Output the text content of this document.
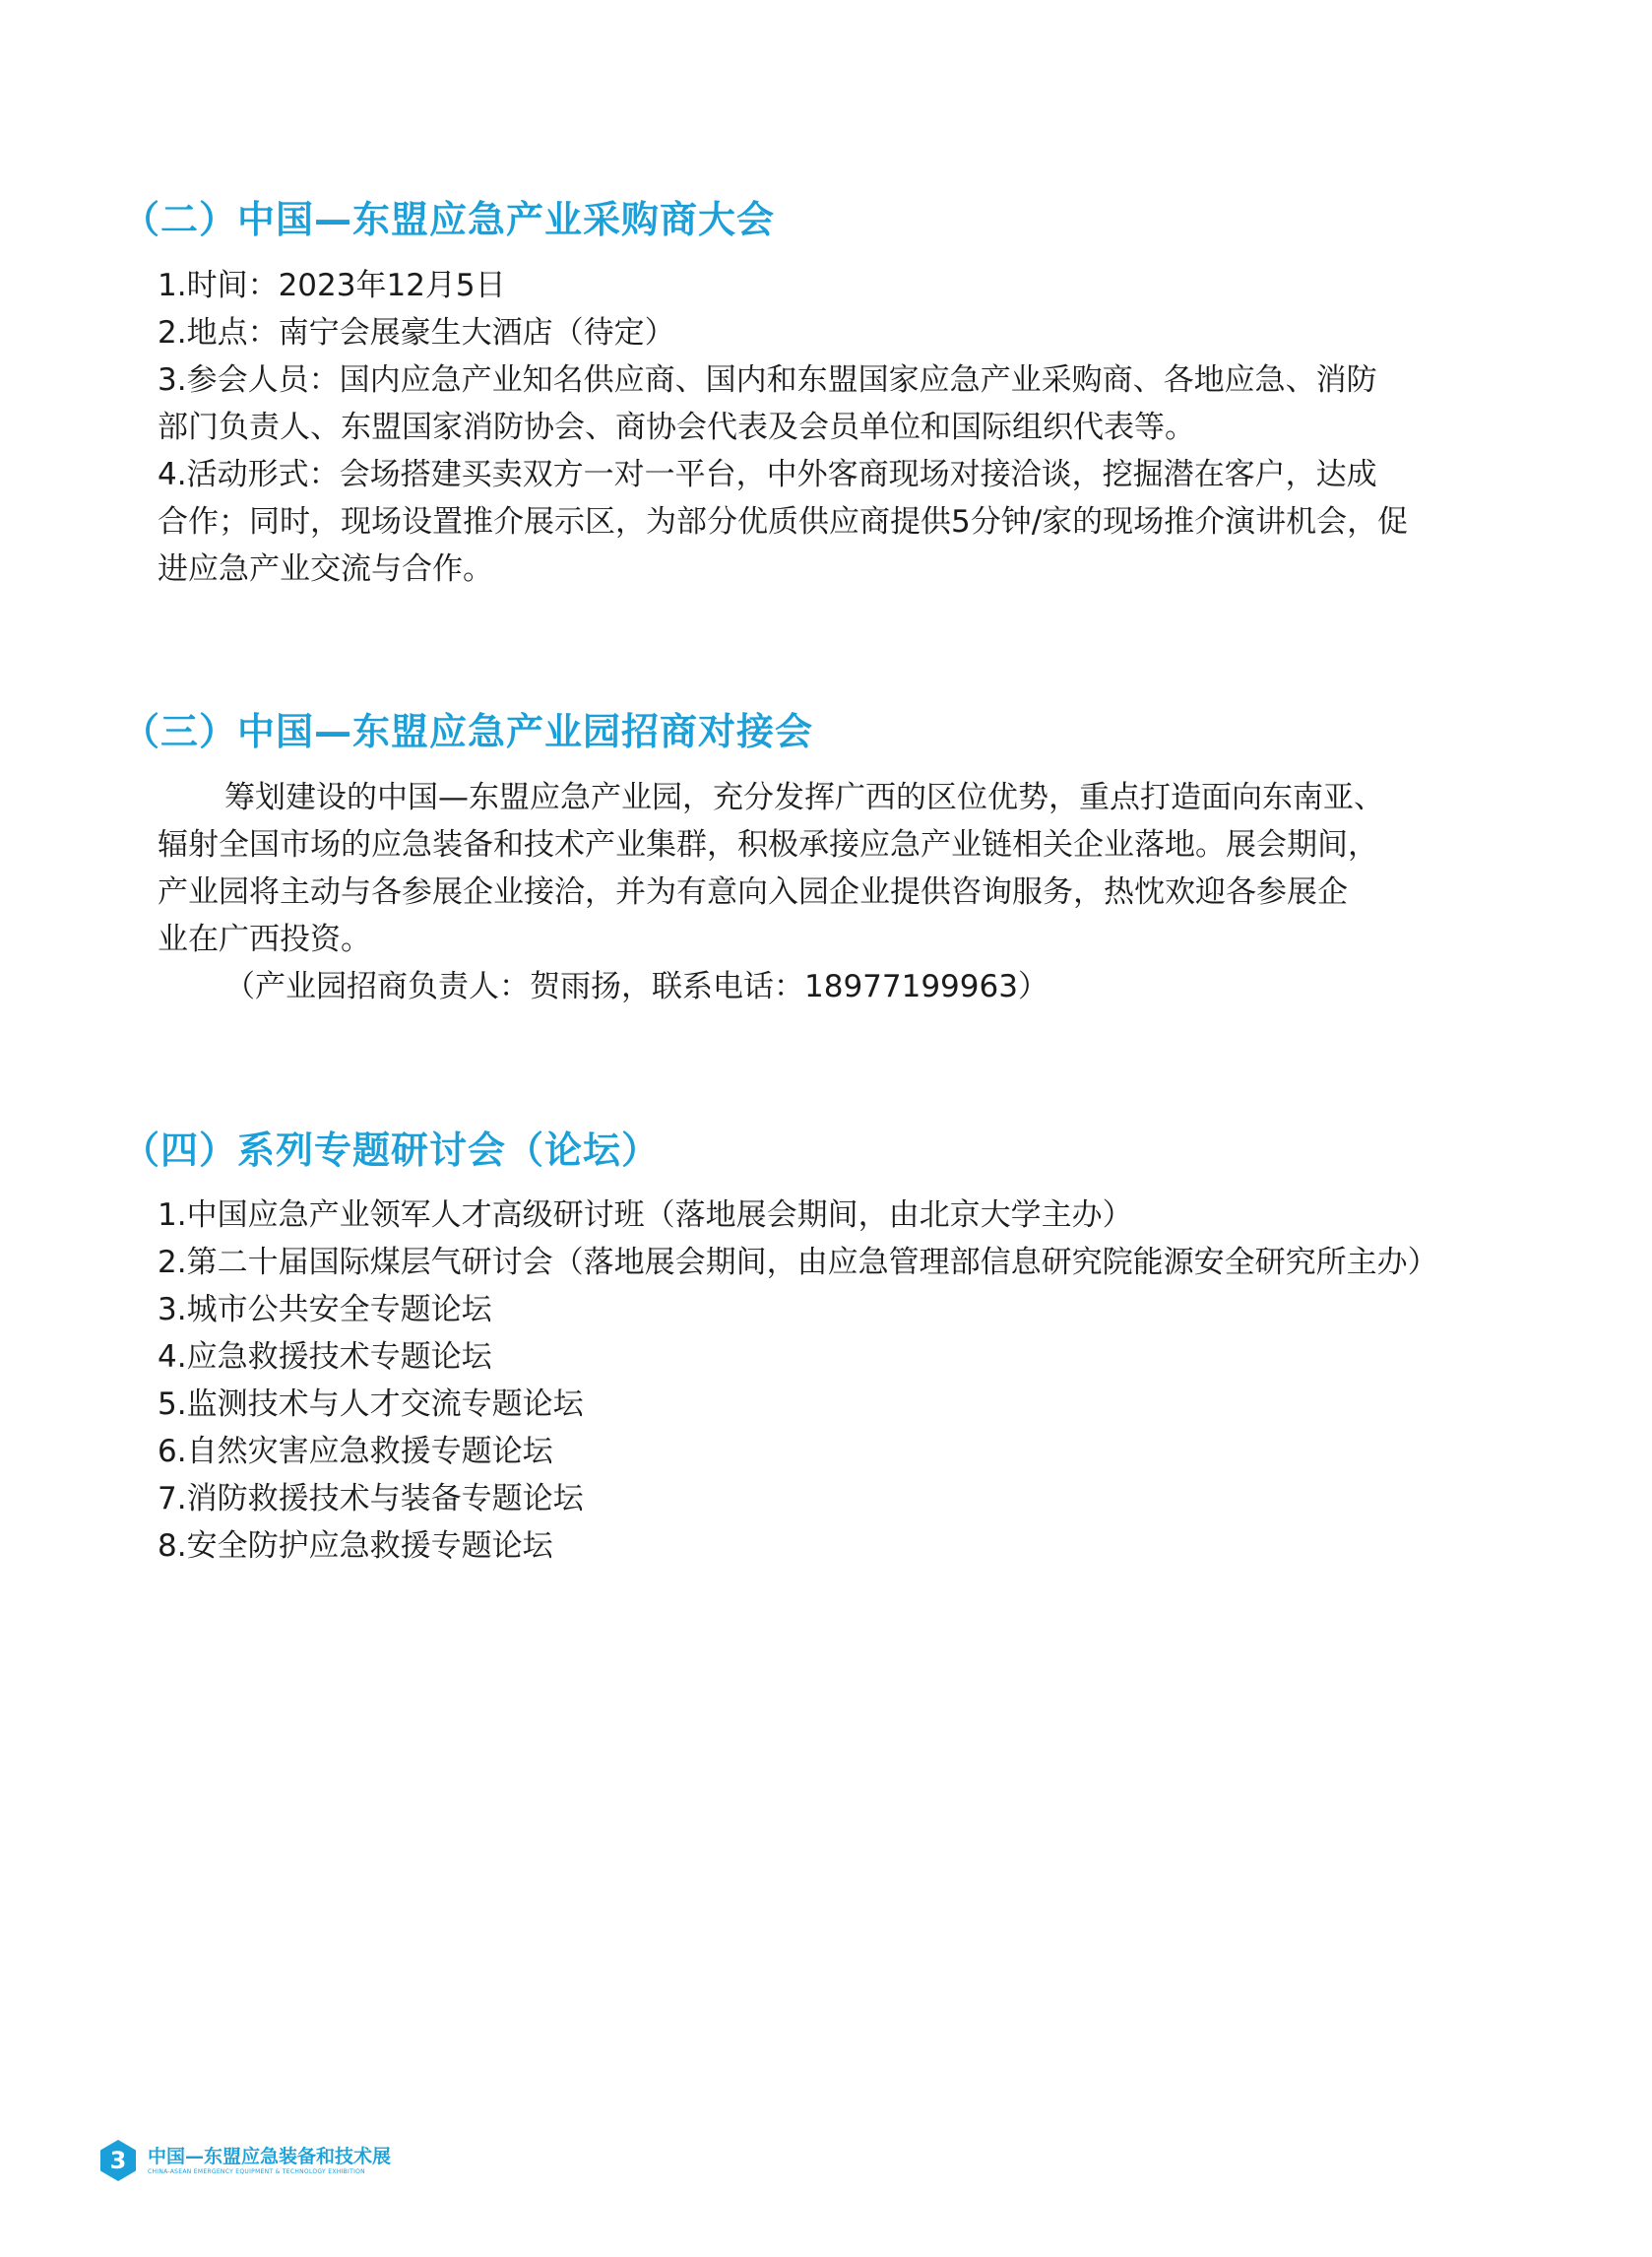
（二）中国—东盟应急产业采购商大会

1.时间：2023年12月5日

2.地点：南宁会展豪生大酒店（待定）

3.参会人员：国内应急产业知名供应商、国内和东盟国家应急产业采购商、各地应急、消防

部门负责人、东盟国家消防协会、商协会代表及会员单位和国际组织代表等。

4.活动形式：会场搭建买卖双方一对一平台，中外客商现场对接洽谈，挖掘潜在客户，达成

合作；同时，现场设置推介展示区，为部分优质供应商提供5分钟/家的现场推介演讲机会，促

进应急产业交流与合作。

（三）中国—东盟应急产业园招商对接会

筹划建设的中国—东盟应急产业园，充分发挥广西的区位优势，重点打造面向东南亚、

辐射全国市场的应急装备和技术产业集群，积极承接应急产业链相关企业落地。展会期间，

产业园将主动与各参展企业接洽，并为有意向入园企业提供咨询服务，热忱欢迎各参展企

业在广西投资。

（产业园招商负责人：贺雨扬，联系电话：18977199963）

（四）系列专题研讨会（论坛）

1.中国应急产业领军人才高级研讨班（落地展会期间，由北京大学主办）

2.第二十届国际煤层气研讨会（落地展会期间，由应急管理部信息研究院能源安全研究所主办）

3.城市公共安全专题论坛

4.应急救援技术专题论坛

5.监测技术与人才交流专题论坛

6.自然灾害应急救援专题论坛

7.消防救援技术与装备专题论坛

8.安全防护应急救援专题论坛

3 中国—东盟应急装备和技术展
CHINA-ASEAN EMERGENCY EQUIPMENT & TECHNOLOGY EXHIBITION
